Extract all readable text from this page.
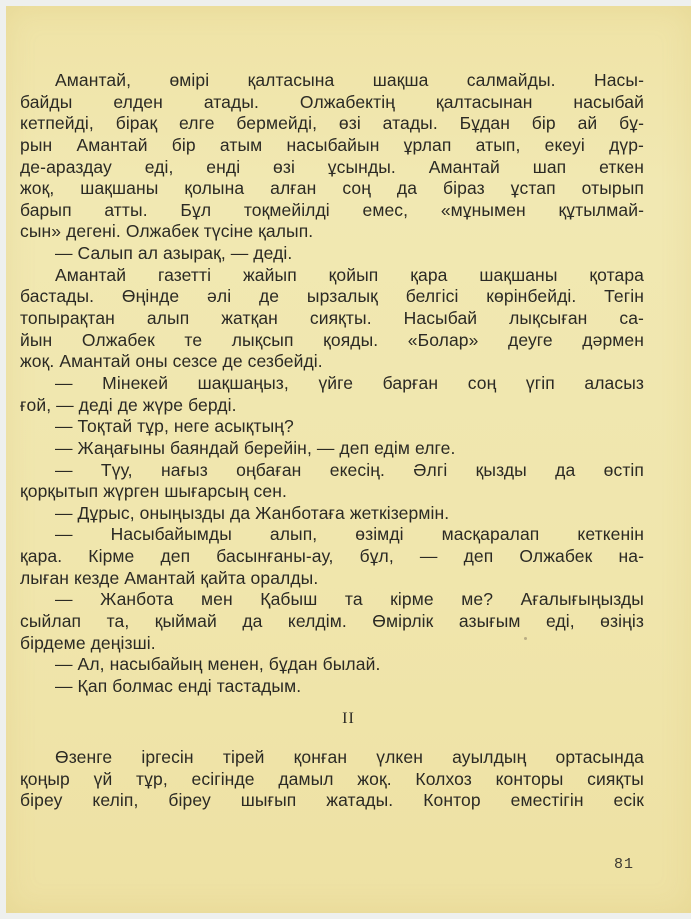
Амантай, өмірі қалтасына шақша салмайды. Насы-
байды елден атады. Олжабектің қалтасынан насыбай
кетпейді, бірақ елге бермейді, өзі атады. Бұдан бір ай бұ-
рын Амантай бір атым насыбайын ұрлап атып, екеуі дүр-
де-араздау еді, енді өзі ұсынды. Амантай шап еткен
жоқ, шақшаны қолына алған соң да біраз ұстап отырып
барып атты. Бұл тоқмейілді емес, «мұнымен құтылмай-
сын» дегені. Олжабек түсіне қалып.
— Салып ал азырақ, — деді.
Амантай газетті жайып қойып қара шақшаны қотара
бастады. Өңінде әлі де ырзалық белгісі көрінбейді. Тегін
топырақтан алып жатқан сияқты. Насыбай лықсыған са-
йын Олжабек те лықсып қояды. «Болар» деуге дәрмен
жоқ. Амантай оны сезсе де сезбейді.
— Мінекей шақшаңыз, үйге барған соң үгіп аласыз
ғой, — деді де жүре берді.
— Тоқтай тұр, неге асықтың?
— Жаңағыны баяндай берейін, — деп едім елге.
— Түу, нағыз оңбаған екесің. Әлгі қызды да өстіп
қорқытып жүрген шығарсың сен.
— Дұрыс, оныңызды да Жанботаға жеткізермін.
— Насыбайымды алып, өзімді масқаралап кеткенін
қара. Кірме деп басынғаны-ау, бұл, — деп Олжабек на-
лыған кезде Амантай қайта оралды.
— Жанбота мен Қабыш та кірме ме? Ағалығыңызды
сыйлап та, қыймай да келдім. Өмірлік азығым еді, өзіңіз
бірдеме деңізші.
— Ал, насыбайың менен, бұдан былай.
— Қап болмас енді тастадым.
II
Өзенге іргесін тірей қонған үлкен ауылдың ортасында
қоңыр үй тұр, есігінде дамыл жоқ. Колхоз конторы сияқты
біреу келіп, біреу шығып жатады. Контор еместігін есік
81
